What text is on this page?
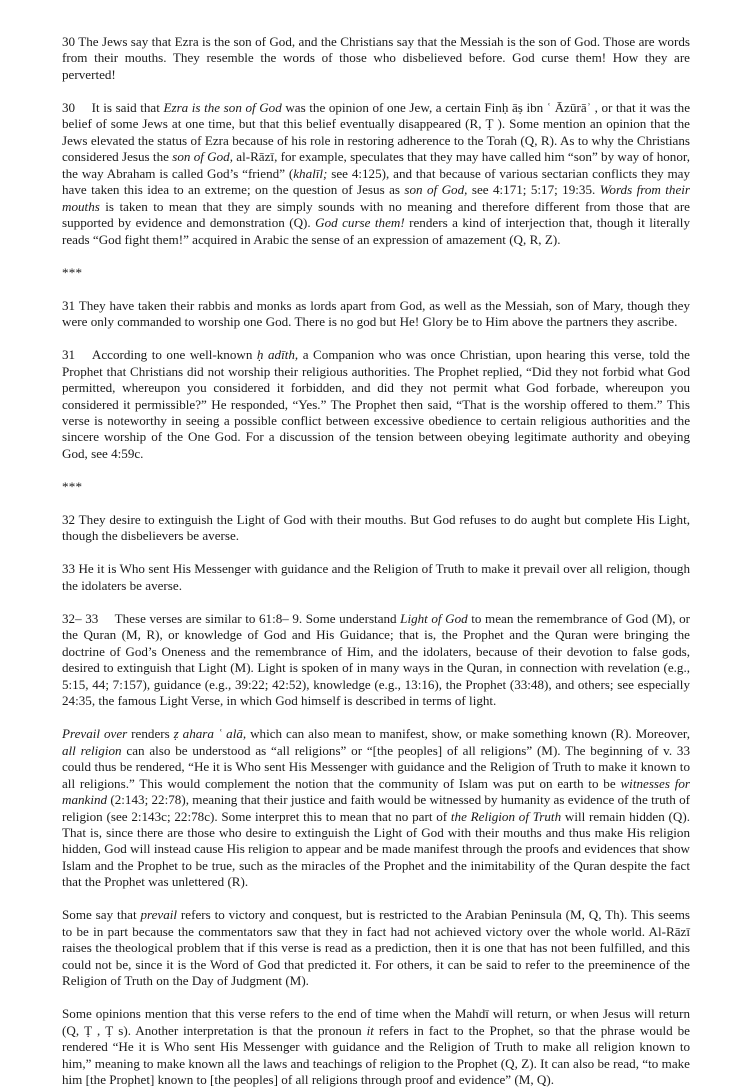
30 The Jews say that Ezra is the son of God, and the Christians say that the Messiah is the son of God. Those are words from their mouths. They resemble the words of those who disbelieved before. God curse them! How they are perverted!

30 It is said that Ezra is the son of God was the opinion of one Jew, a certain Finḥ āṣ ibn ʿ Āzūrāʾ , or that it was the belief of some Jews at one time, but that this belief eventually disappeared (R, Ṭ ). Some mention an opinion that the Jews elevated the status of Ezra because of his role in restoring adherence to the Torah (Q, R). As to why the Christians considered Jesus the son of God, al-Rāzī, for example, speculates that they may have called him “son” by way of honor, the way Abraham is called God’s “friend” (khalīl; see 4:125), and that because of various sectarian conflicts they may have taken this idea to an extreme; on the question of Jesus as son of God, see 4:171; 5:17; 19:35. Words from their mouths is taken to mean that they are simply sounds with no meaning and therefore different from those that are supported by evidence and demonstration (Q). God curse them! renders a kind of interjection that, though it literally reads “God fight them!” acquired in Arabic the sense of an expression of amazement (Q, R, Z).

***

31 They have taken their rabbis and monks as lords apart from God, as well as the Messiah, son of Mary, though they were only commanded to worship one God. There is no god but He! Glory be to Him above the partners they ascribe.

31 According to one well-known ḥ adīth, a Companion who was once Christian, upon hearing this verse, told the Prophet that Christians did not worship their religious authorities. The Prophet replied, “Did they not forbid what God permitted, whereupon you considered it forbidden, and did they not permit what God forbade, whereupon you considered it permissible?” He responded, “Yes.” The Prophet then said, “That is the worship offered to them.” This verse is noteworthy in seeing a possible conflict between excessive obedience to certain religious authorities and the sincere worship of the One God. For a discussion of the tension between obeying legitimate authority and obeying God, see 4:59c.

***

32 They desire to extinguish the Light of God with their mouths. But God refuses to do aught but complete His Light, though the disbelievers be averse.

33 He it is Who sent His Messenger with guidance and the Religion of Truth to make it prevail over all religion, though the idolaters be averse.

32– 33 These verses are similar to 61:8– 9. Some understand Light of God to mean the remembrance of God (M), or the Quran (M, R), or knowledge of God and His Guidance; that is, the Prophet and the Quran were bringing the doctrine of God’s Oneness and the remembrance of Him, and the idolaters, because of their devotion to false gods, desired to extinguish that Light (M). Light is spoken of in many ways in the Quran, in connection with revelation (e.g., 5:15, 44; 7:157), guidance (e.g., 39:22; 42:52), knowledge (e.g., 13:16), the Prophet (33:48), and others; see especially 24:35, the famous Light Verse, in which God himself is described in terms of light.

Prevail over renders ẓ ahara ʿ alā, which can also mean to manifest, show, or make something known (R). Moreover, all religion can also be understood as “all religions” or “[the peoples] of all religions” (M). The beginning of v. 33 could thus be rendered, “He it is Who sent His Messenger with guidance and the Religion of Truth to make it known to all religions.” This would complement the notion that the community of Islam was put on earth to be witnesses for mankind (2:143; 22:78), meaning that their justice and faith would be witnessed by humanity as evidence of the truth of religion (see 2:143c; 22:78c). Some interpret this to mean that no part of the Religion of Truth will remain hidden (Q). That is, since there are those who desire to extinguish the Light of God with their mouths and thus make His religion hidden, God will instead cause His religion to appear and be made manifest through the proofs and evidences that show Islam and the Prophet to be true, such as the miracles of the Prophet and the inimitability of the Quran despite the fact that the Prophet was unlettered (R).

Some say that prevail refers to victory and conquest, but is restricted to the Arabian Peninsula (M, Q, Th). This seems to be in part because the commentators saw that they in fact had not achieved victory over the whole world. Al-Rāzī raises the theological problem that if this verse is read as a prediction, then it is one that has not been fulfilled, and this could not be, since it is the Word of God that predicted it. For others, it can be said to refer to the preeminence of the Religion of Truth on the Day of Judgment (M).

Some opinions mention that this verse refers to the end of time when the Mahdī will return, or when Jesus will return (Q, Ṭ , Ṭ s). Another interpretation is that the pronoun it refers in fact to the Prophet, so that the phrase would be rendered “He it is Who sent His Messenger with guidance and the Religion of Truth to make all religion known to him,” meaning to make known all the laws and teachings of religion to the Prophet (Q, Z). It can also be read, “to make him [the Prophet] known to [the peoples] of all religions through proof and evidence” (M, Q).
